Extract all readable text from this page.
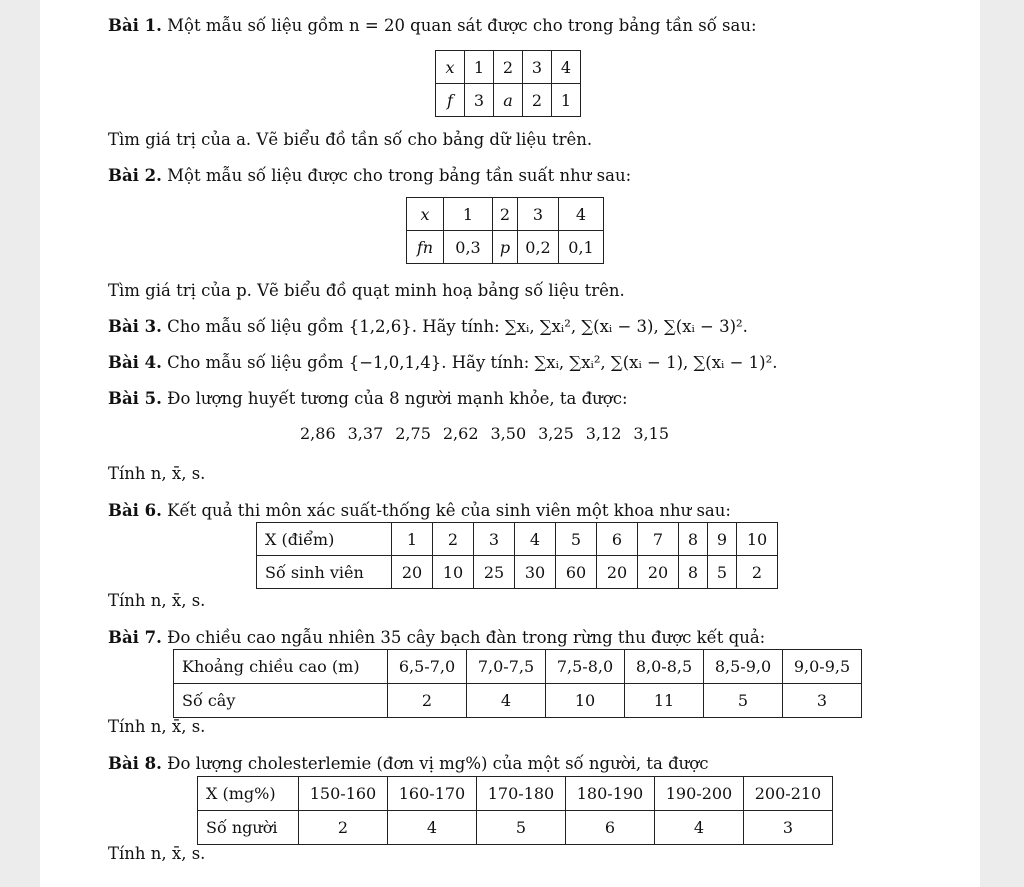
Bài 1. Một mẫu số liệu gồm n = 20 quan sát được cho trong bảng tần số sau:
x	1	2	3	4
f	3	a	2	1
Tìm giá trị của a. Vẽ biểu đồ tần số cho bảng dữ liệu trên.
Bài 2. Một mẫu số liệu được cho trong bảng tần suất như sau:
x	1	2	3	4
fn	0,3	p	0,2	0,1
Tìm giá trị của p. Vẽ biểu đồ quạt minh hoạ bảng số liệu trên.
Bài 3. Cho mẫu số liệu gồm {1,2,6}. Hãy tính: ∑xᵢ, ∑xᵢ², ∑(xᵢ − 3), ∑(xᵢ − 3)².
Bài 4. Cho mẫu số liệu gồm {−1,0,1,4}. Hãy tính: ∑xᵢ, ∑xᵢ², ∑(xᵢ − 1), ∑(xᵢ − 1)².
Bài 5. Đo lượng huyết tương của 8 người mạnh khỏe, ta được:
2,86 3,37 2,75 2,62 3,50 3,25 3,12 3,15
Tính n, x̄, s.
Bài 6. Kết quả thi môn xác suất-thống kê của sinh viên một khoa như sau:
X (điểm)	1	2	3	4	5	6	7	8	9	10
Số sinh viên	20	10	25	30	60	20	20	8	5	2
Tính n, x̄, s.
Bài 7. Đo chiều cao ngẫu nhiên 35 cây bạch đàn trong rừng thu được kết quả:
Khoảng chiều cao (m)	6,5-7,0	7,0-7,5	7,5-8,0	8,0-8,5	8,5-9,0	9,0-9,5
Số cây	2	4	10	11	5	3
Tính n, x̄, s.
Bài 8. Đo lượng cholesterlemie (đơn vị mg%) của một số người, ta được
X (mg%)	150-160	160-170	170-180	180-190	190-200	200-210
Số người	2	4	5	6	4	3
Tính n, x̄, s.
